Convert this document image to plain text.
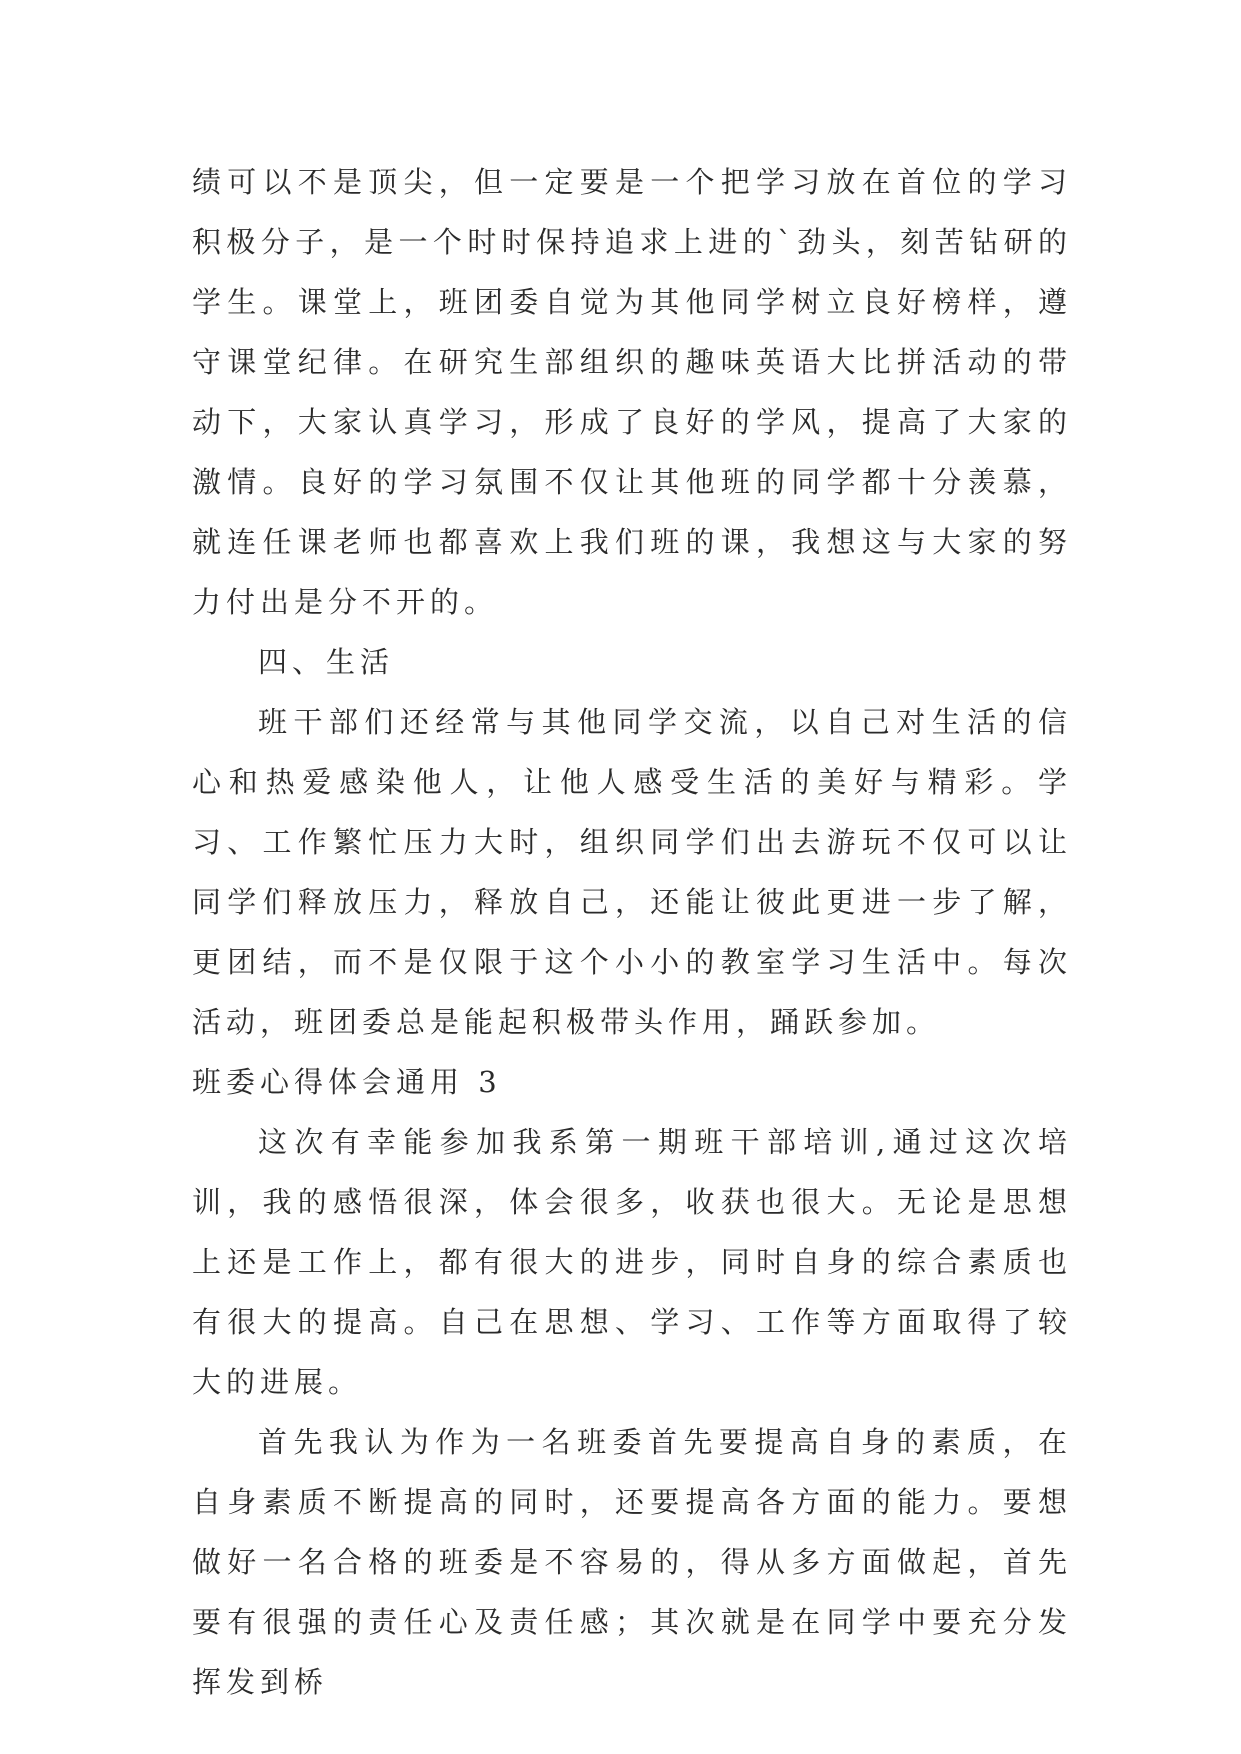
绩可以不是顶尖，但一定要是一个把学习放在首位的学习积极分子，是一个时时保持追求上进的`劲头，刻苦钻研的学生。课堂上，班团委自觉为其他同学树立良好榜样，遵守课堂纪律。在研究生部组织的趣味英语大比拼活动的带动下，大家认真学习，形成了良好的学风，提高了大家的激情。良好的学习氛围不仅让其他班的同学都十分羡慕，就连任课老师也都喜欢上我们班的课，我想这与大家的努力付出是分不开的。

四、生活

班干部们还经常与其他同学交流，以自己对生活的信心和热爱感染他人，让他人感受生活的美好与精彩。学习、工作繁忙压力大时，组织同学们出去游玩不仅可以让同学们释放压力，释放自己，还能让彼此更进一步了解，更团结，而不是仅限于这个小小的教室学习生活中。每次活动，班团委总是能起积极带头作用，踊跃参加。

班委心得体会通用 3

这次有幸能参加我系第一期班干部培训,通过这次培训，我的感悟很深，体会很多，收获也很大。无论是思想上还是工作上，都有很大的进步，同时自身的综合素质也有很大的提高。自己在思想、学习、工作等方面取得了较大的进展。

首先我认为作为一名班委首先要提高自身的素质，在自身素质不断提高的同时，还要提高各方面的能力。要想做好一名合格的班委是不容易的，得从多方面做起，首先要有很强的责任心及责任感；其次就是在同学中要充分发挥发到桥
